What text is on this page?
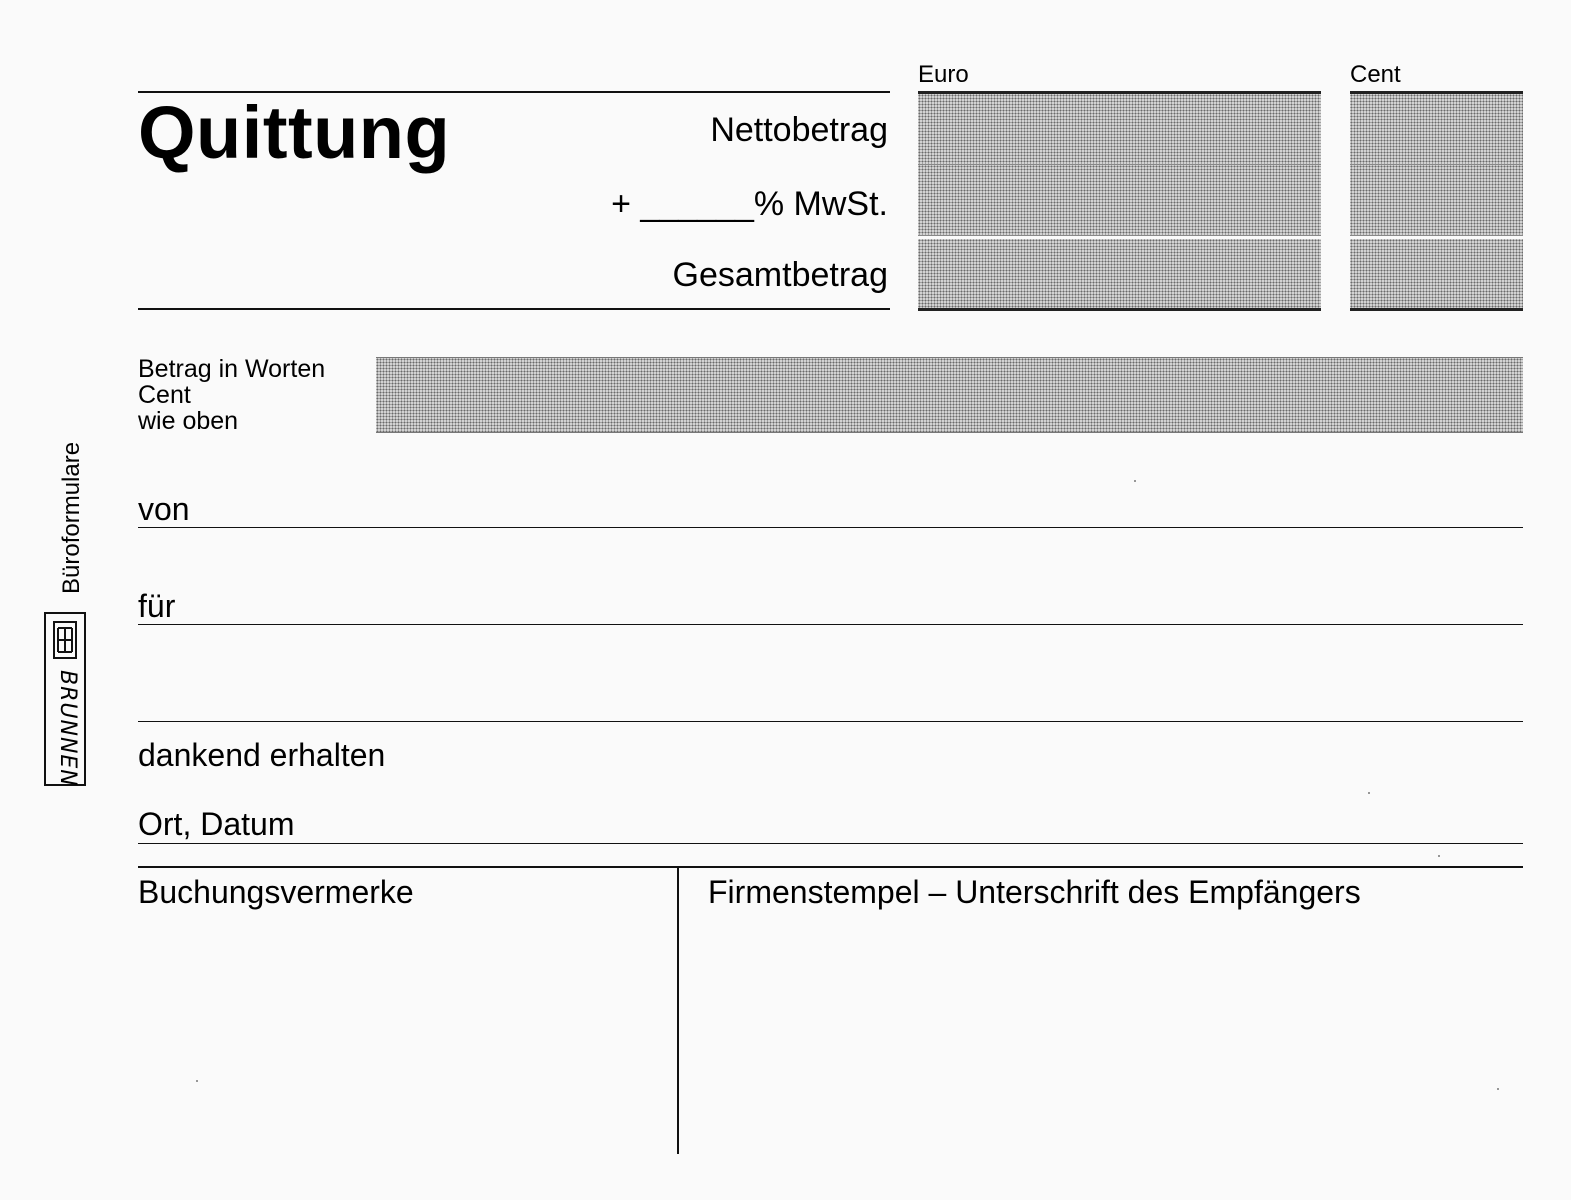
Quittung
Euro	Cent
Nettobetrag
+ ______% MwSt.
Gesamtbetrag
Betrag in Worten
Cent
wie oben
von
für
dankend erhalten
Ort, Datum
Buchungsvermerke	Firmenstempel – Unterschrift des Empfängers
Büroformulare
BRUNNEN
